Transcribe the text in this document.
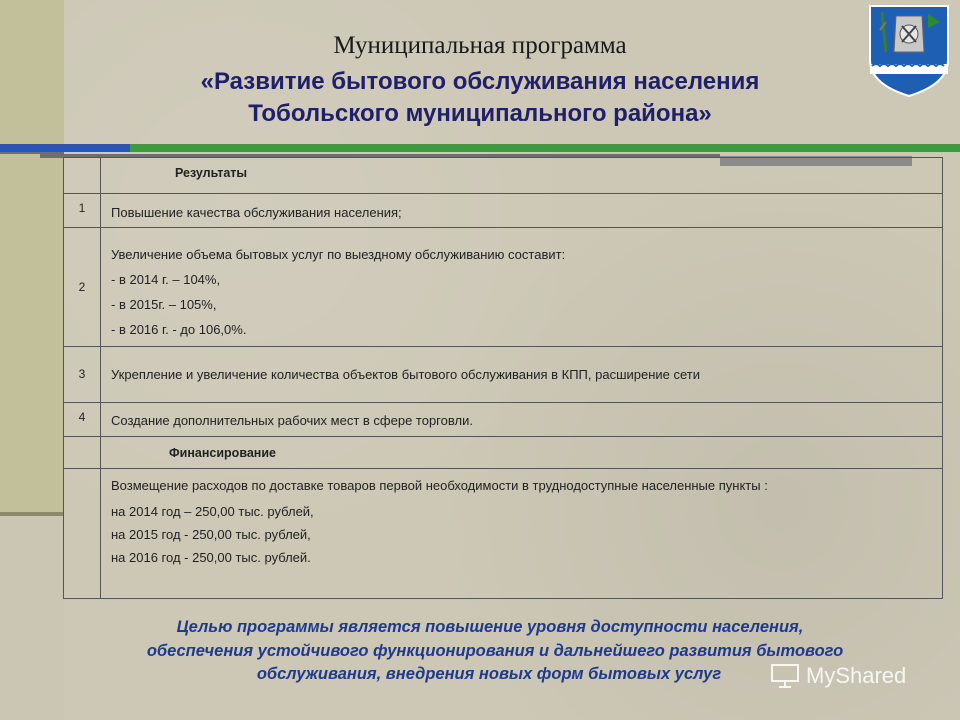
Муниципальная программа
«Развитие бытового обслуживания населения
Тобольского муниципального района»

	Результаты

1	Повышение качества обслуживания населения;

2	Увеличение объема бытовых услуг по выездному обслуживанию составит:
- в 2014 г. – 104%,
- в 2015г. – 105%,
- в 2016 г. - до 106,0%.

3	Укрепление и увеличение количества объектов бытового обслуживания в КПП, расширение сети

4	Создание дополнительных рабочих мест в сфере торговли.

	Финансирование

	Возмещение расходов по доставке товаров первой необходимости в труднодоступные населенные пункты :
на 2014 год – 250,00 тыс. рублей,
на 2015 год - 250,00 тыс. рублей,
на 2016 год - 250,00 тыс. рублей.
Целью программы является повышение уровня доступности населения,
обеспечения устойчивого функционирования и дальнейшего развития бытового
обслуживания, внедрения новых форм бытовых услуг	MyShared
